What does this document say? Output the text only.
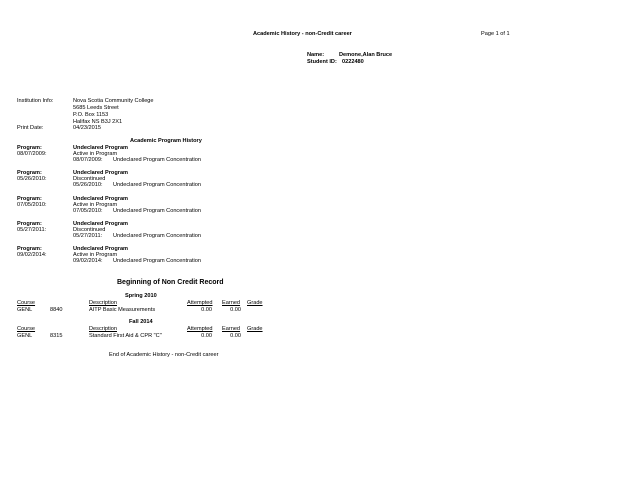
Academic History - non-Credit career	Page 1 of 1
Name:	Demone,Alan Bruce
Student ID: 0222480
Institution Info:	Nova Scotia Community College
5685 Leeds Street
P.O. Box 1153
Halifax NS B3J 2X1
Print Date:	04/23/2015
Academic Program History
Program:	Undeclared Program
08/07/2009:	Active in Program
08/07/2009: Undeclared Program Concentration
Program:	Undeclared Program
05/26/2010:	Discontinued
05/26/2010: Undeclared Program Concentration
Program:	Undeclared Program
07/05/2010:	Active in Program
07/05/2010: Undeclared Program Concentration
Program:	Undeclared Program
05/27/2011:	Discontinued
05/27/2011: Undeclared Program Concentration
Program:	Undeclared Program
09/02/2014:	Active in Program
09/02/2014: Undeclared Program Concentration
Beginning of Non Credit Record
Spring 2010
Course	Description	Attempted Earned Grade
GENL	8840	AITP Basic Measurements	0.00	0.00
Fall 2014
Course	Description	Attempted Earned Grade
GENL	8315	Standard First Aid & CPR "C"	0.00	0.00
End of Academic History - non-Credit career
